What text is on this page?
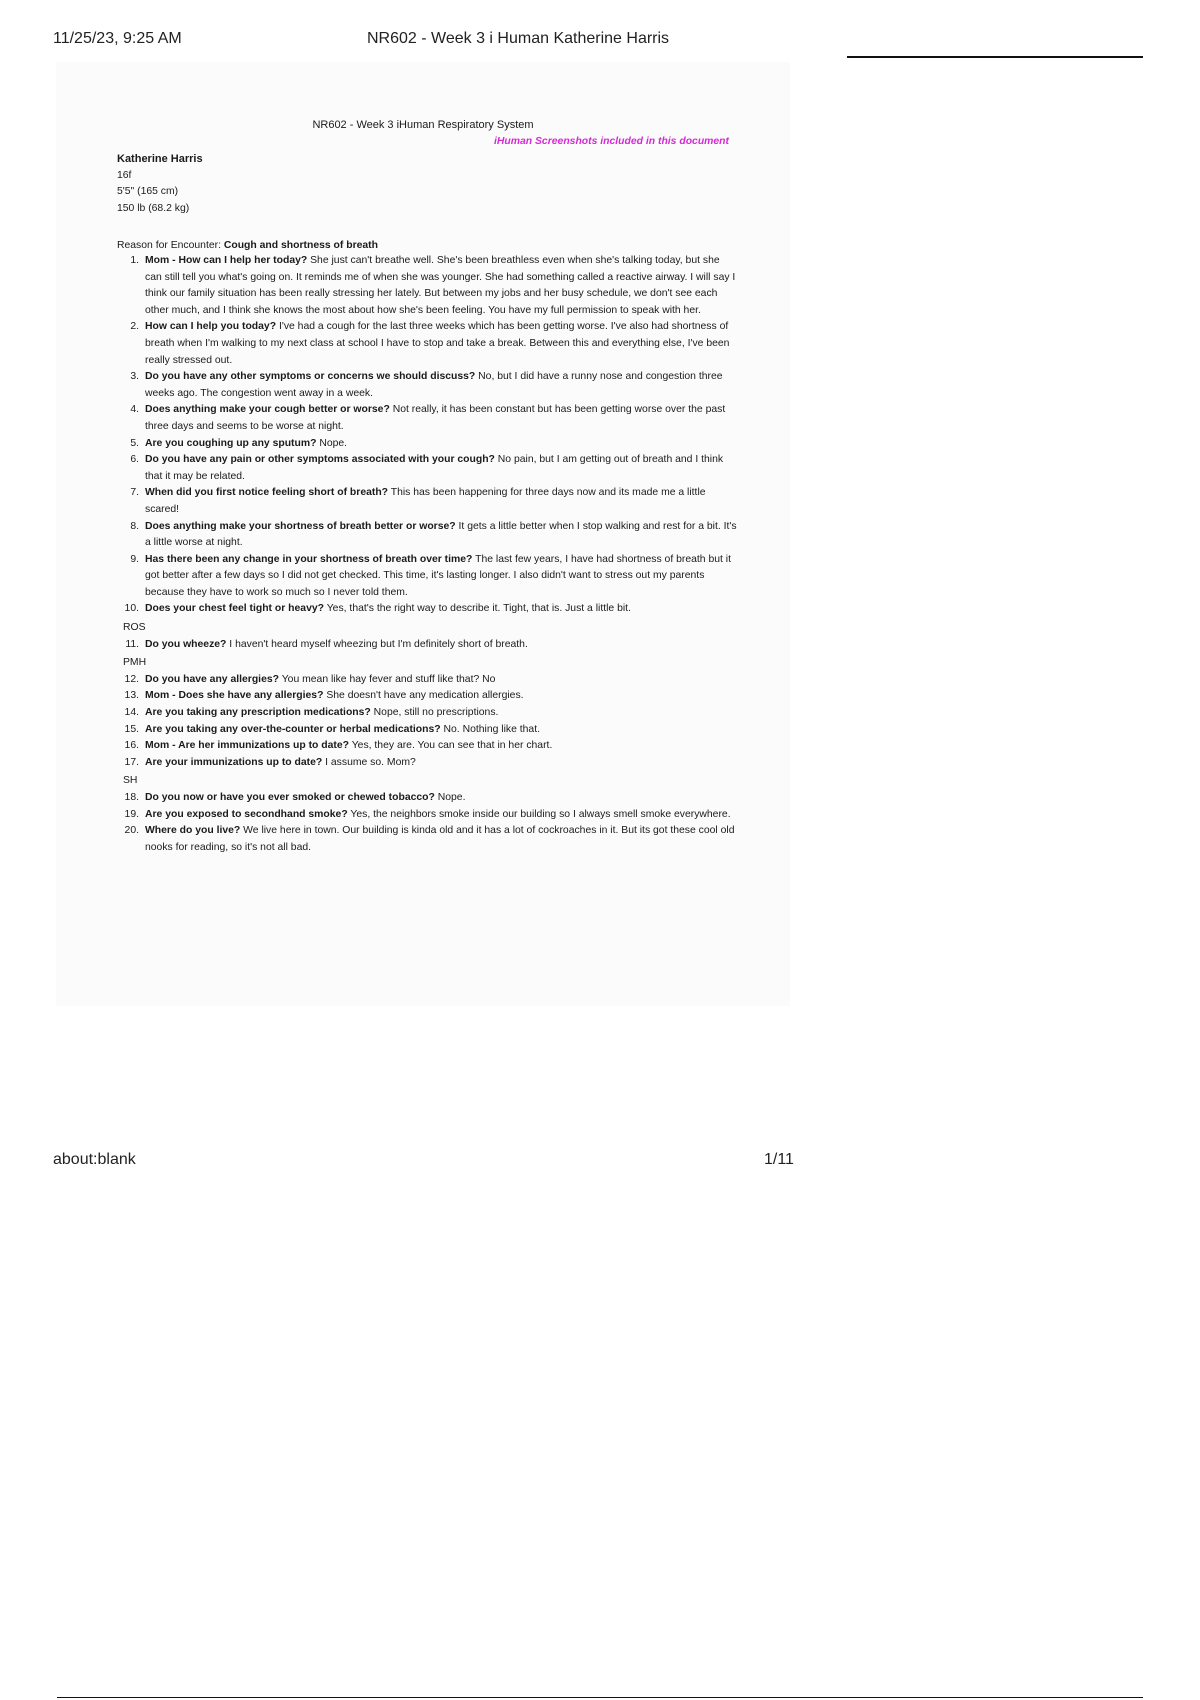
11/25/23, 9:25 AM	NR602 - Week 3 i Human Katherine Harris
NR602 - Week 3 iHuman Respiratory System
iHuman Screenshots included in this document
Katherine Harris
16f
5'5" (165 cm)
150 lb (68.2 kg)
Reason for Encounter: Cough and shortness of breath
1. Mom - How can I help her today? She just can't breathe well. She's been breathless even when she's talking today, but she can still tell you what's going on. It reminds me of when she was younger. She had something called a reactive airway. I will say I think our family situation has been really stressing her lately. But between my jobs and her busy schedule, we don't see each other much, and I think she knows the most about how she's been feeling. You have my full permission to speak with her.
2. How can I help you today? I've had a cough for the last three weeks which has been getting worse. I've also had shortness of breath when I'm walking to my next class at school I have to stop and take a break. Between this and everything else, I've been really stressed out.
3. Do you have any other symptoms or concerns we should discuss? No, but I did have a runny nose and congestion three weeks ago. The congestion went away in a week.
4. Does anything make your cough better or worse? Not really, it has been constant but has been getting worse over the past three days and seems to be worse at night.
5. Are you coughing up any sputum? Nope.
6. Do you have any pain or other symptoms associated with your cough? No pain, but I am getting out of breath and I think that it may be related.
7. When did you first notice feeling short of breath? This has been happening for three days now and its made me a little scared!
8. Does anything make your shortness of breath better or worse? It gets a little better when I stop walking and rest for a bit. It's a little worse at night.
9. Has there been any change in your shortness of breath over time? The last few years, I have had shortness of breath but it got better after a few days so I did not get checked. This time, it's lasting longer. I also didn't want to stress out my parents because they have to work so much so I never told them.
10. Does your chest feel tight or heavy? Yes, that's the right way to describe it. Tight, that is. Just a little bit.
ROS
11. Do you wheeze? I haven't heard myself wheezing but I'm definitely short of breath.
PMH
12. Do you have any allergies? You mean like hay fever and stuff like that? No
13. Mom - Does she have any allergies? She doesn't have any medication allergies.
14. Are you taking any prescription medications? Nope, still no prescriptions.
15. Are you taking any over-the-counter or herbal medications? No. Nothing like that.
16. Mom - Are her immunizations up to date? Yes, they are. You can see that in her chart.
17. Are your immunizations up to date? I assume so. Mom?
SH
18. Do you now or have you ever smoked or chewed tobacco? Nope.
19. Are you exposed to secondhand smoke? Yes, the neighbors smoke inside our building so I always smell smoke everywhere.
20. Where do you live? We live here in town. Our building is kinda old and it has a lot of cockroaches in it. But its got these cool old nooks for reading, so it's not all bad.
about:blank	1/11
